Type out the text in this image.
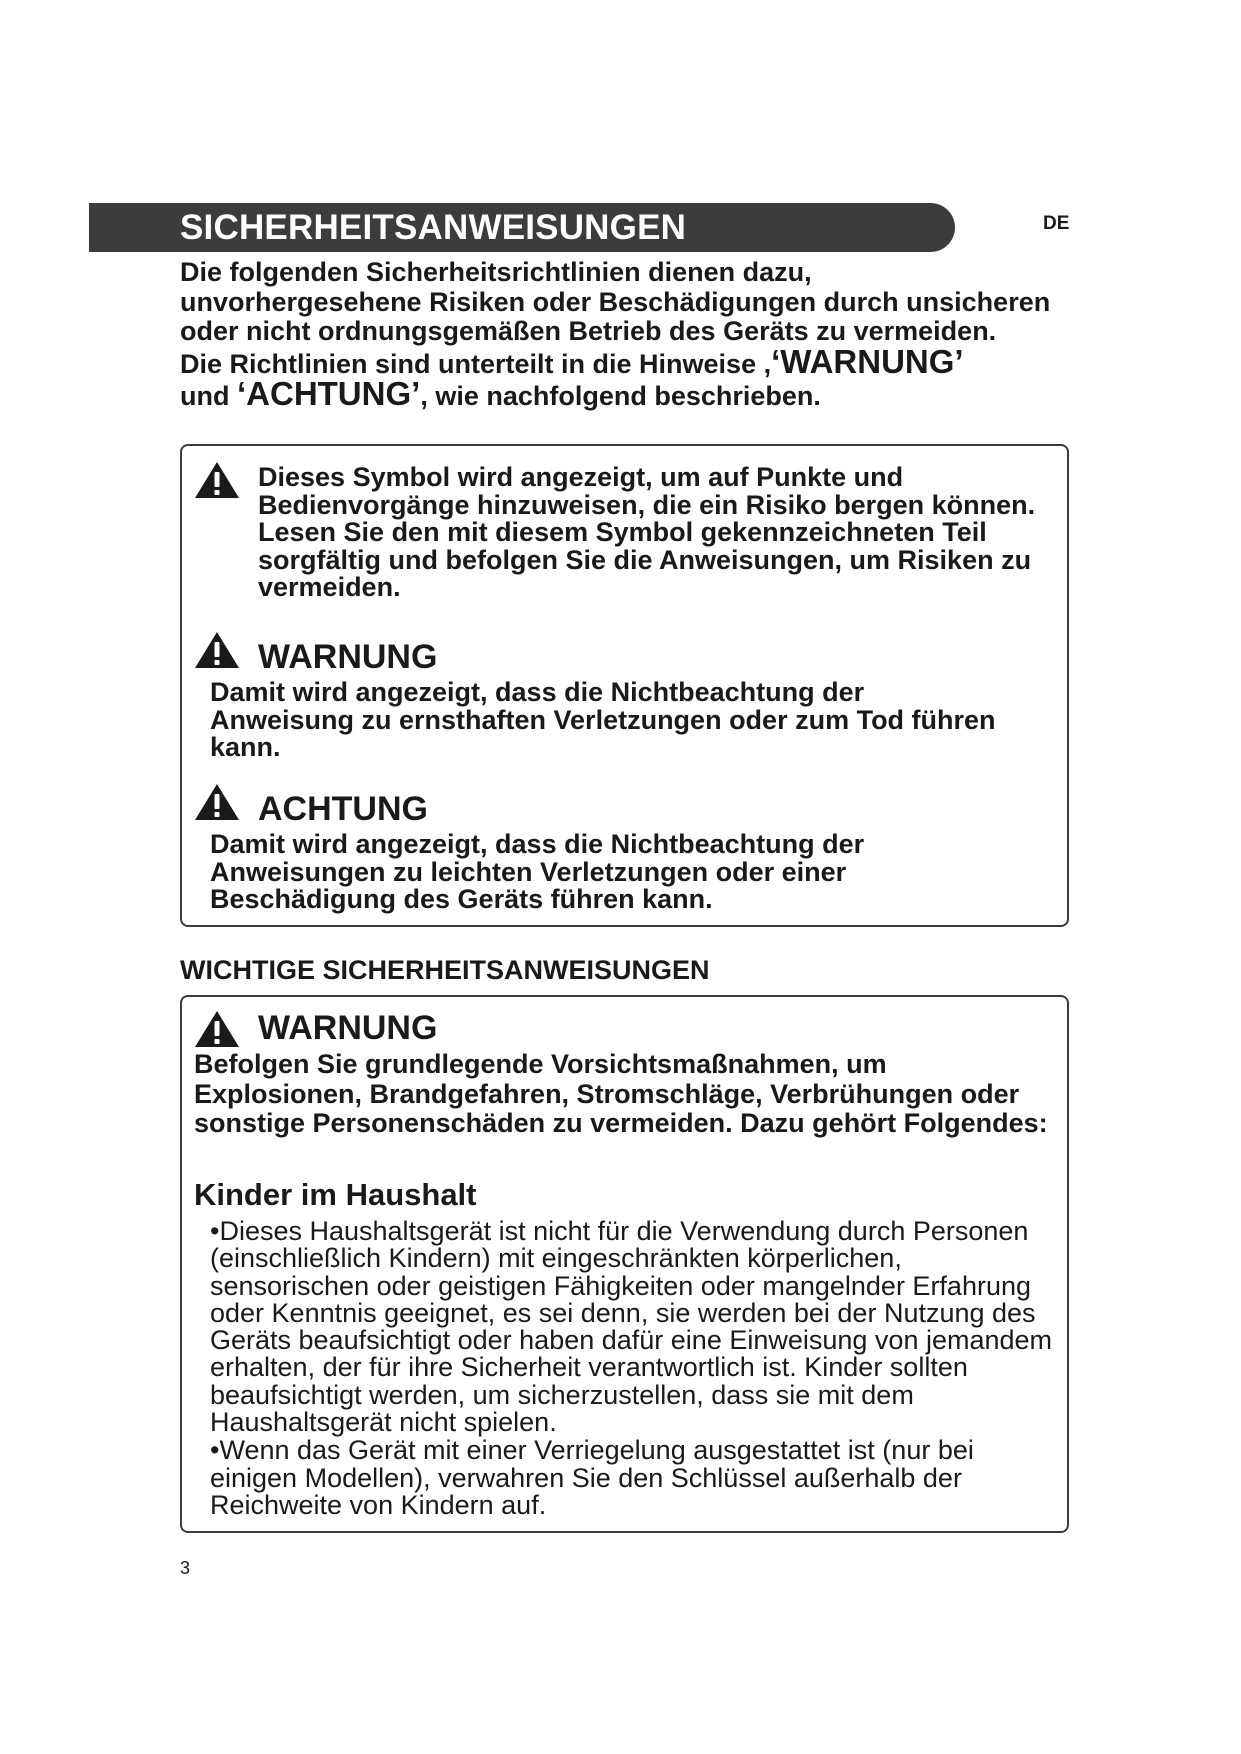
SICHERHEITSANWEISUNGEN	DE

Die folgenden Sicherheitsrichtlinien dienen dazu, unvorhergesehene Risiken oder Beschädigungen durch unsicheren oder nicht ordnungsgemäßen Betrieb des Geräts zu vermeiden.

Die Richtlinien sind unterteilt in die Hinweise ,‘WARNUNG’
und ‘ACHTUNG’, wie nachfolgend beschrieben.

Dieses Symbol wird angezeigt, um auf Punkte und Bedienvorgänge hinzuweisen, die ein Risiko bergen können. Lesen Sie den mit diesem Symbol gekennzeichneten Teil sorgfältig und befolgen Sie die Anweisungen, um Risiken zu vermeiden.
WARNUNG
Damit wird angezeigt, dass die Nichtbeachtung der Anweisung zu ernsthaften Verletzungen oder zum Tod führen kann.
ACHTUNG
Damit wird angezeigt, dass die Nichtbeachtung der Anweisungen zu leichten Verletzungen oder einer Beschädigung des Geräts führen kann.
WICHTIGE SICHERHEITSANWEISUNGEN
WARNUNG
Befolgen Sie grundlegende Vorsichtsmaßnahmen, um Explosionen, Brandgefahren, Stromschläge, Verbrühungen oder sonstige Personenschäden zu vermeiden. Dazu gehört Folgendes:
Kinder im Haushalt

•Dieses Haushaltsgerät ist nicht für die Verwendung durch Personen (einschließlich Kindern) mit eingeschränkten körperlichen, sensorischen oder geistigen Fähigkeiten oder mangelnder Erfahrung oder Kenntnis geeignet, es sei denn, sie werden bei der Nutzung des Geräts beaufsichtigt oder haben dafür eine Einweisung von jemandem erhalten, der für ihre Sicherheit verantwortlich ist. Kinder sollten beaufsichtigt werden, um sicherzustellen, dass sie mit dem Haushaltsgerät nicht spielen.

•Wenn das Gerät mit einer Verriegelung ausgestattet ist (nur bei einigen Modellen), verwahren Sie den Schlüssel außerhalb der Reichweite von Kindern auf.

3
